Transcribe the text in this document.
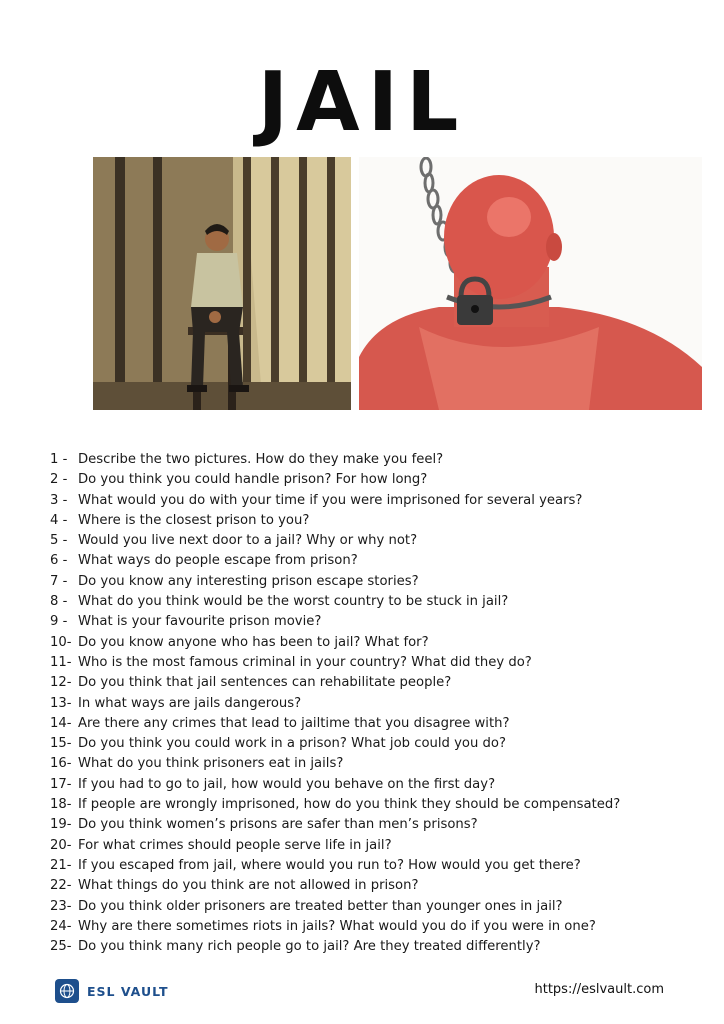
JAIL
1 - Describe the two pictures. How do they make you feel?
2 - Do you think you could handle prison? For how long?
3 - What would you do with your time if you were imprisoned for several years?
4 - Where is the closest prison to you?
5 - Would you live next door to a jail? Why or why not?
6 - What ways do people escape from prison?
7 - Do you know any interesting prison escape stories?
8 - What do you think would be the worst country to be stuck in jail?
9 - What is your favourite prison movie?
10- Do you know anyone who has been to jail? What for?
11- Who is the most famous criminal in your country? What did they do?
12- Do you think that jail sentences can rehabilitate people?
13- In what ways are jails dangerous?
14- Are there any crimes that lead to jailtime that you disagree with?
15- Do you think you could work in a prison? What job could you do?
16- What do you think prisoners eat in jails?
17- If you had to go to jail, how would you behave on the first day?
18- If people are wrongly imprisoned, how do you think they should be compensated?
19- Do you think women’s prisons are safer than men’s prisons?
20- For what crimes should people serve life in jail?
21- If you escaped from jail, where would you run to? How would you get there?
22- What things do you think are not allowed in prison?
23- Do you think older prisoners are treated better than younger ones in jail?
24- Why are there sometimes riots in jails? What would you do if you were in one?
25- Do you think many rich people go to jail? Are they treated differently?
ESL VAULT	https://eslvault.com
